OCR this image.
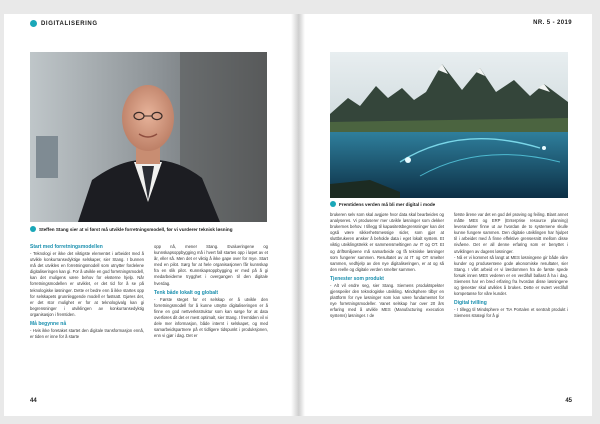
DIGITALISERING
Steffen Stang sier at vi først må utvikle forretningsmodell, før vi vurderer teknisk løsning
Start med forretningsmodellen

- Teknologi er ikke det viktigste elementet i arbeidet med å utvikle konkurransedyktige selskaper, sier Stang. I bunnen må det utvikles en forretningsmodell som utnytter fordelene digitaliseringen kan gi. For å utvikle en god forretningsmodell, kan det muligens være behov for eksterne hjelp. Når forretningsmodellen er utviklet, er det tid for å se på teknologiske løsninger. Dette er bedre enn å ikke startes opp for selskapets grunnleggende modell er fastsatt. Gjøres det, er det stor mulighet er for at teknologivalg kan gi begrensninger i utviklingen av konkurransedyktig organisasjon i fremtiden.

Må begynne nå

- Hvis ikke foretaket startet den digitale transformasjon ennå, er tiden er inne for å starte

opp nå, mener Stang. Evalueringene og kunnskapsoppbygging må i hvert fall startes opp i løpet av et år, eller så. Men det er viktig å ikke gape over for mye. Start med en pilot. Sørg for at hele organisasjonen får kunnskap fra en slik pilot. Kunnskapsoppbygging er med på å gi medarbeiderne trygghet i overgangen til den digitale hverdag.

Tenk både lokalt og globalt

- Første steget for et selskap er å utvikle den forretningsmodell for å kunne utnytte digitaliseringen er å finne en god nettverksstruktur som kan sørge for at data overføres dit det er mest optimalt, sier Stang. I fremtiden vil vi dele mer informasjon, både internt i selskapet, og med samarbeidspartnere på et tidligere tidspunkt i produksjonen, enn vi gjør i dag. Det er

44
NR. 5 - 2019
Fremtidens verden må bli mer digital i mode

brukeren selv som skal avgjøre hvor data skal bearbeides og analyseres. Vi produserer mer utvikle løsninger som dekker brukernes behov. I tillegg til kapasitetsbegrensninger kan det også være sikkerhetsmessige sider, som gjør at sluttbrukeren ønsker å beholde data i eget lokalt system. Et viktig utviklingstrekk er sammensmeltingen av IT og OT. Et og driftsmiljøene må samarbeide og få tekniske løsninger som fungerer sammen. Resultatet av at IT og OT smelter sammen, vedhjelp av den nye digitaliseringen, er at og så den reelle og digitale verden smelter sammen.

Tjenester som produkt

- Alt vil endre seg, sier Stang. Siemens produktspekter gjenspeiler den teknologiske utvikling. Mindsphere tilbyr en plattform for nye løsninger som kan være fundamentet for nye forretningsmodeller. Vanet selskap har over 20 års erfaring med å utvikle MES (Manufacturing execution systems) løsninger. I de

første årene var det en god del prøving og feiling. Blant annet måtte MES og ERP (Enterprise resource planning) leverandører finne ut av hvordan de to systemene skulle kunne fungere sammen. Den digitale utviklingen har hjulpet til i arbeidet med å finne effektive grensesnitt mellom disse nivåene. Det er all denne erfaring som er benyttet i utviklingen av dagens løsninger.

- Nå er vi kommet så langt at MES løsningene gir både våre kunder og produsentene gode økonomiske resultater, sier Stang. I vårt arbeid er vi lærdommen fra de første spede forsøk innen MES vederen er en verdifull ballast å ha i dag. Siemens har en bred erfaring fra hvordan disse løsningene og tjenester skal utvikles å brukes. Dette er svært verdifull kompetanse for våre kunder.

Digital tvilling

- I tillegg til Mindsphere er TIA Portalen et sentralt produkt i Siemens strategi for å gi

45
